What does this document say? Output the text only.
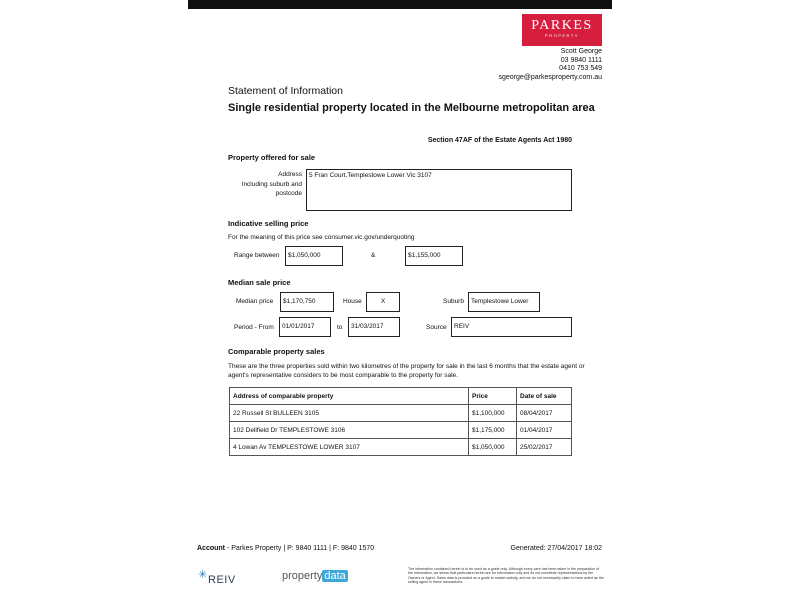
PARKES
PROPERTY
Scott George
03 9840 1111
0410 753 549
sgeorge@parkesproperty.com.au
Statement of Information
Single residential property located in the Melbourne metropolitan area
Section 47AF of the Estate Agents Act 1980
Property offered for sale
Address
Including suburb and
postcode
5 Fran Court,Templestowe Lower Vic 3107
Indicative selling price
For the meaning of this price see consumer.vic.gov/underquoting
Range between	$1,050,000	&	$1,155,000
Median sale price
Median price	$1,170,750	House	X	Suburb	Templestowe Lower
Period - From	01/01/2017	to	31/03/2017	Source	REIV
Comparable property sales
These are the three properties sold within two kilometres of the property for sale in the last 6 months that the estate agent or agent's representative considers to be most comparable to the property for sale.
Address of comparable property	Price	Date of sale
22 Russell St BULLEEN 3105	$1,100,000	08/04/2017
102 Dellfield Dr TEMPLESTOWE 3106	$1,175,000	01/04/2017
4 Lowan Av TEMPLESTOWE LOWER 3107	$1,050,000	25/02/2017
Account - Parkes Property | P: 9840 1111 | F: 9840 1570	Generated: 27/04/2017 18:02
✳ REIV	property data
The information contained herein is to be used as a guide only. Although every care has been taken in the preparation of the information, we stress that particulars herein are for information only and do not constitute representations by the Owners or Agent. Sales data is provided as a guide to market activity, and we do not necessarily claim to have acted as the selling agent in these transactions.
